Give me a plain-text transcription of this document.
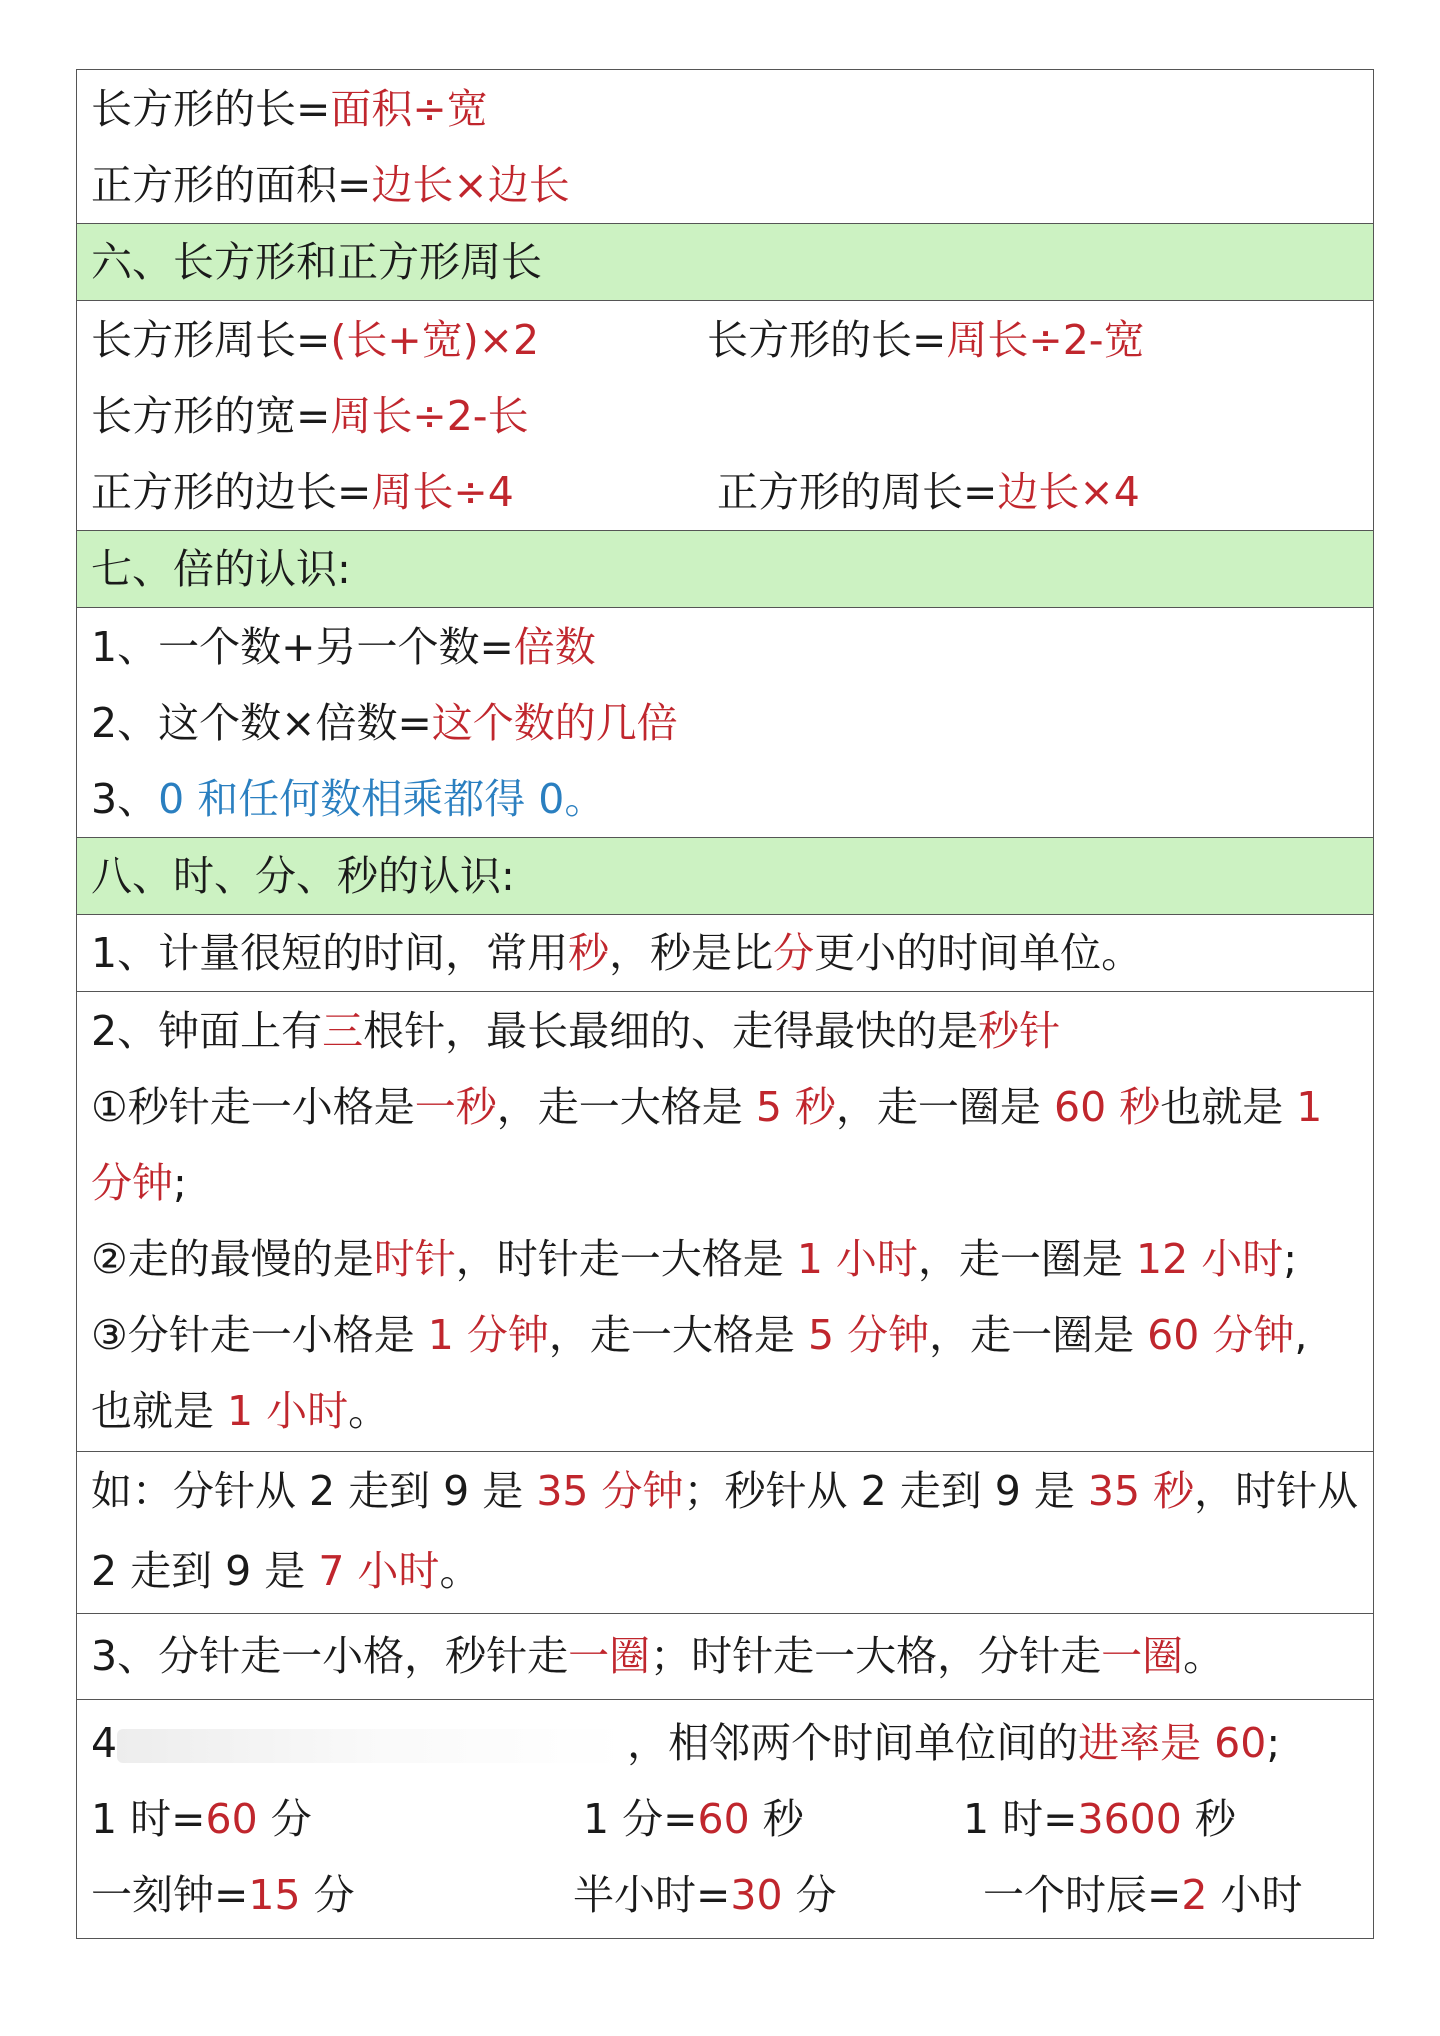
长方形的长=面积÷宽
正方形的面积=边长×边长
六、长方形和正方形周长
长方形周长=(长+宽)×2	长方形的长=周长÷2-宽
长方形的宽=周长÷2-长
正方形的边长=周长÷4	正方形的周长=边长×4
七、倍的认识:
1、一个数+另一个数=倍数
2、这个数×倍数=这个数的几倍
3、0 和任何数相乘都得 0。
八、时、分、秒的认识:
1、计量很短的时间，常用秒，秒是比分更小的时间单位。
2、钟面上有三根针，最长最细的、走得最快的是秒针
①秒针走一小格是一秒，走一大格是 5 秒，走一圈是 60 秒也就是 1
分钟;
②走的最慢的是时针，时针走一大格是 1 小时，走一圈是 12 小时;
③分针走一小格是 1 分钟，走一大格是 5 分钟，走一圈是 60 分钟,
也就是 1 小时。
如：分针从 2 走到 9 是 35 分钟；秒针从 2 走到 9 是 35 秒，时针从
2 走到 9 是 7 小时。
3、分针走一小格，秒针走一圈；时针走一大格，分针走一圈。
4	，相邻两个时间单位间的进率是 60;
1 时=60 分	1 分=60 秒	1 时=3600 秒
一刻钟=15 分	半小时=30 分	一个时辰=2 小时
